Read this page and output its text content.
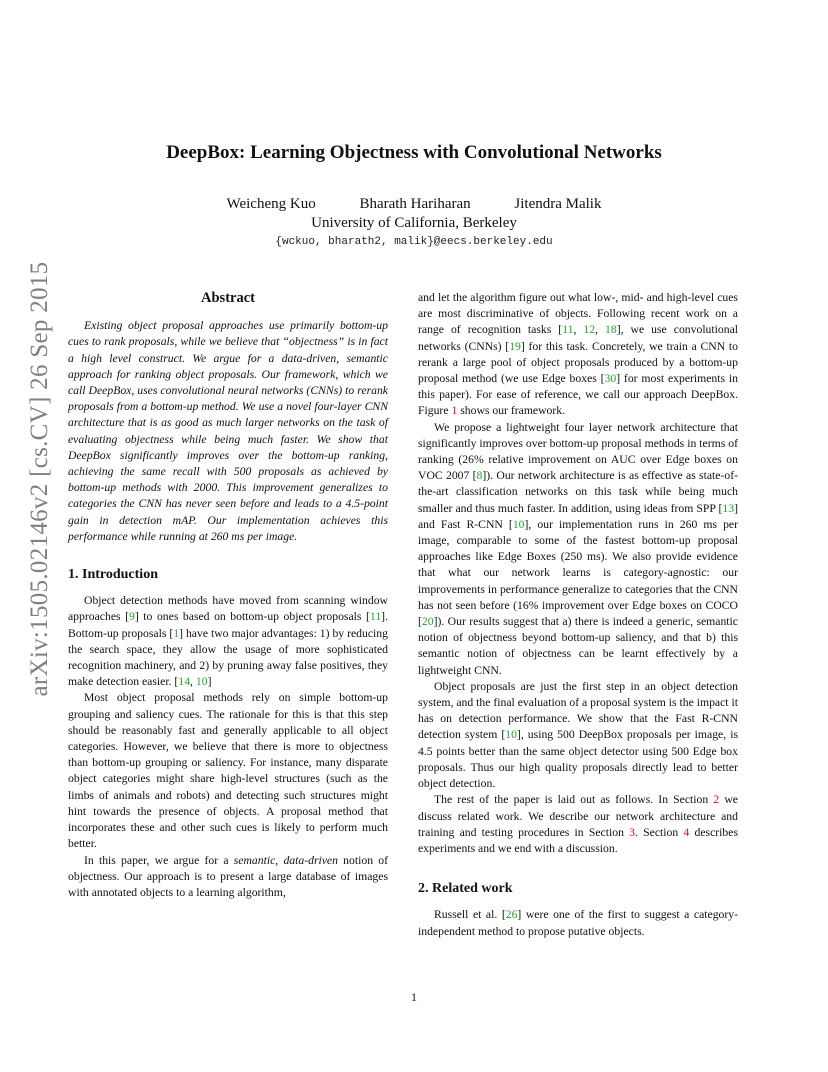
arXiv:1505.02146v2 [cs.CV] 26 Sep 2015
DeepBox: Learning Objectness with Convolutional Networks
Weicheng Kuo	Bharath Hariharan	Jitendra Malik
University of California, Berkeley
{wckuo, bharath2, malik}@eecs.berkeley.edu
Abstract

Existing object proposal approaches use primarily bottom-up cues to rank proposals, while we believe that “objectness” is in fact a high level construct. We argue for a data-driven, semantic approach for ranking object proposals. Our framework, which we call DeepBox, uses convolutional neural networks (CNNs) to rerank proposals from a bottom-up method. We use a novel four-layer CNN architecture that is as good as much larger networks on the task of evaluating objectness while being much faster. We show that DeepBox significantly improves over the bottom-up ranking, achieving the same recall with 500 proposals as achieved by bottom-up methods with 2000. This improvement generalizes to categories the CNN has never seen before and leads to a 4.5-point gain in detection mAP. Our implementation achieves this performance while running at 260 ms per image.

1. Introduction

Object detection methods have moved from scanning window approaches [9] to ones based on bottom-up object proposals [11]. Bottom-up proposals [1] have two major advantages: 1) by reducing the search space, they allow the usage of more sophisticated recognition machinery, and 2) by pruning away false positives, they make detection easier. [14, 10]

Most object proposal methods rely on simple bottom-up grouping and saliency cues. The rationale for this is that this step should be reasonably fast and generally applicable to all object categories. However, we believe that there is more to objectness than bottom-up grouping or saliency. For instance, many disparate object categories might share high-level structures (such as the limbs of animals and robots) and detecting such structures might hint towards the presence of objects. A proposal method that incorporates these and other such cues is likely to perform much better.

In this paper, we argue for a semantic, data-driven notion of objectness. Our approach is to present a large database of images with annotated objects to a learning algorithm,

and let the algorithm figure out what low-, mid- and high-level cues are most discriminative of objects. Following recent work on a range of recognition tasks [11, 12, 18], we use convolutional networks (CNNs) [19] for this task. Concretely, we train a CNN to rerank a large pool of object proposals produced by a bottom-up proposal method (we use Edge boxes [30] for most experiments in this paper). For ease of reference, we call our approach DeepBox. Figure 1 shows our framework.

We propose a lightweight four layer network architecture that significantly improves over bottom-up proposal methods in terms of ranking (26% relative improvement on AUC over Edge boxes on VOC 2007 [8]). Our network architecture is as effective as state-of-the-art classification networks on this task while being much smaller and thus much faster. In addition, using ideas from SPP [13] and Fast R-CNN [10], our implementation runs in 260 ms per image, comparable to some of the fastest bottom-up proposal approaches like Edge Boxes (250 ms). We also provide evidence that what our network learns is category-agnostic: our improvements in performance generalize to categories that the CNN has not seen before (16% improvement over Edge boxes on COCO [20]). Our results suggest that a) there is indeed a generic, semantic notion of objectness beyond bottom-up saliency, and that b) this semantic notion of objectness can be learnt effectively by a lightweight CNN.

Object proposals are just the first step in an object detection system, and the final evaluation of a proposal system is the impact it has on detection performance. We show that the Fast R-CNN detection system [10], using 500 DeepBox proposals per image, is 4.5 points better than the same object detector using 500 Edge box proposals. Thus our high quality proposals directly lead to better object detection.

The rest of the paper is laid out as follows. In Section 2 we discuss related work. We describe our network architecture and training and testing procedures in Section 3. Section 4 describes experiments and we end with a discussion.

2. Related work

Russell et al. [26] were one of the first to suggest a category-independent method to propose putative objects.

1
